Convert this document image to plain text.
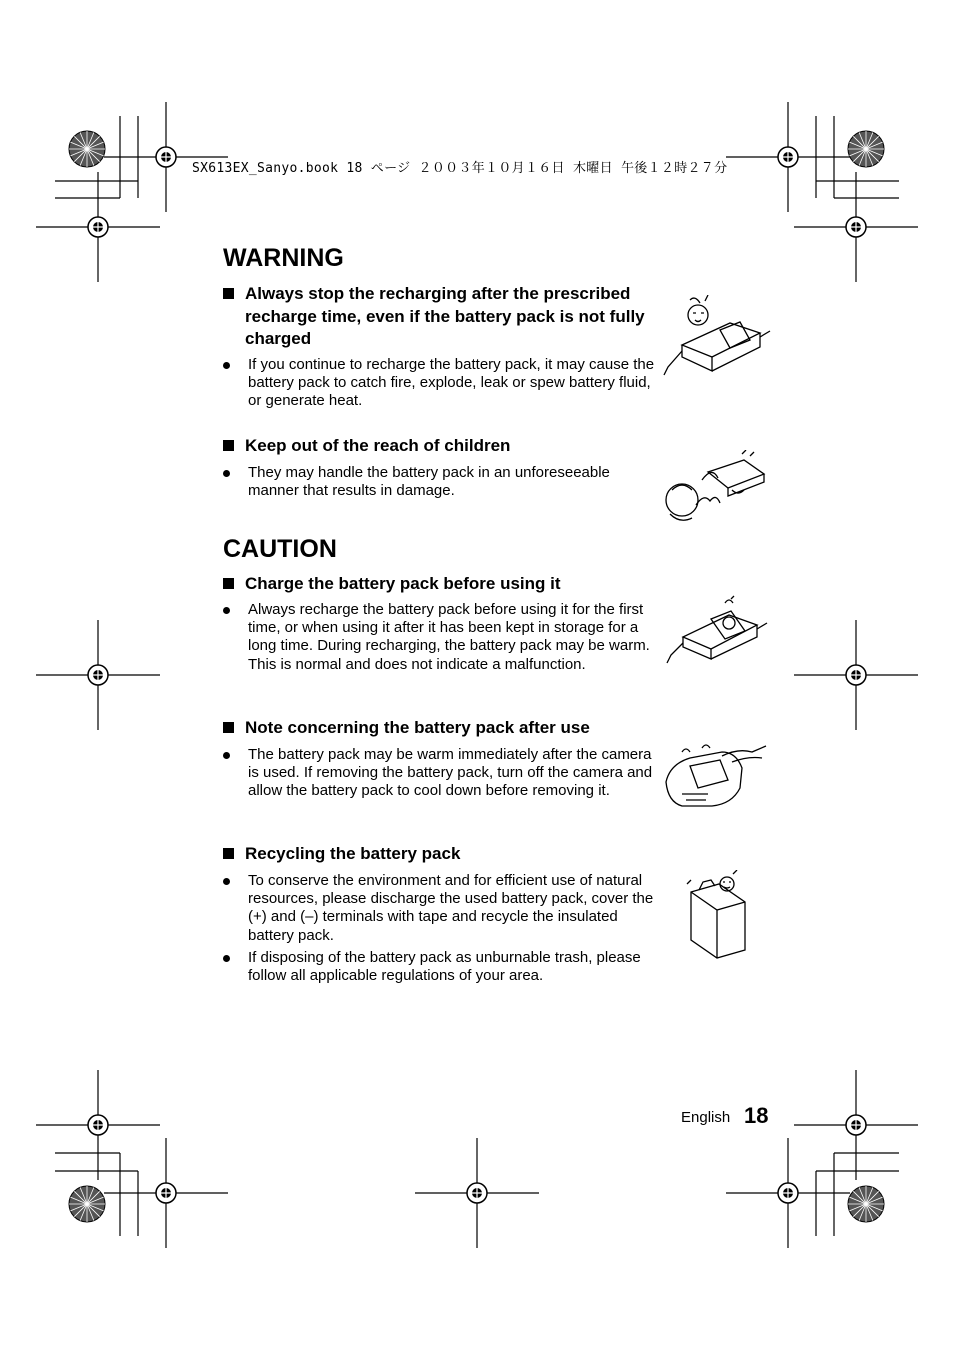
SX613EX_Sanyo.book 18 ページ ２００３年１０月１６日 木曜日 午後１２時２７分
WARNING
Always stop the recharging after the prescribed recharge time, even if the battery pack is not fully charged
If you continue to recharge the battery pack, it may cause the battery pack to catch fire, explode, leak or spew battery fluid, or generate heat.
Keep out of the reach of children
They may handle the battery pack in an unforeseeable manner that results in damage.
CAUTION
Charge the battery pack before using it
Always recharge the battery pack before using it for the first time, or when using it after it has been kept in storage for a long time. During recharging, the battery pack may be warm. This is normal and does not indicate a malfunction.
Note concerning the battery pack after use
The battery pack may be warm immediately after the camera is used. If removing the battery pack, turn off the camera and allow the battery pack to cool down before removing it.
Recycling the battery pack
To conserve the environment and for efficient use of natural resources, please discharge the used battery pack, cover the (+) and (–) terminals with tape and recycle the insulated battery pack.
If disposing of the battery pack as unburnable trash, please follow all applicable regulations of your area.
English 18
